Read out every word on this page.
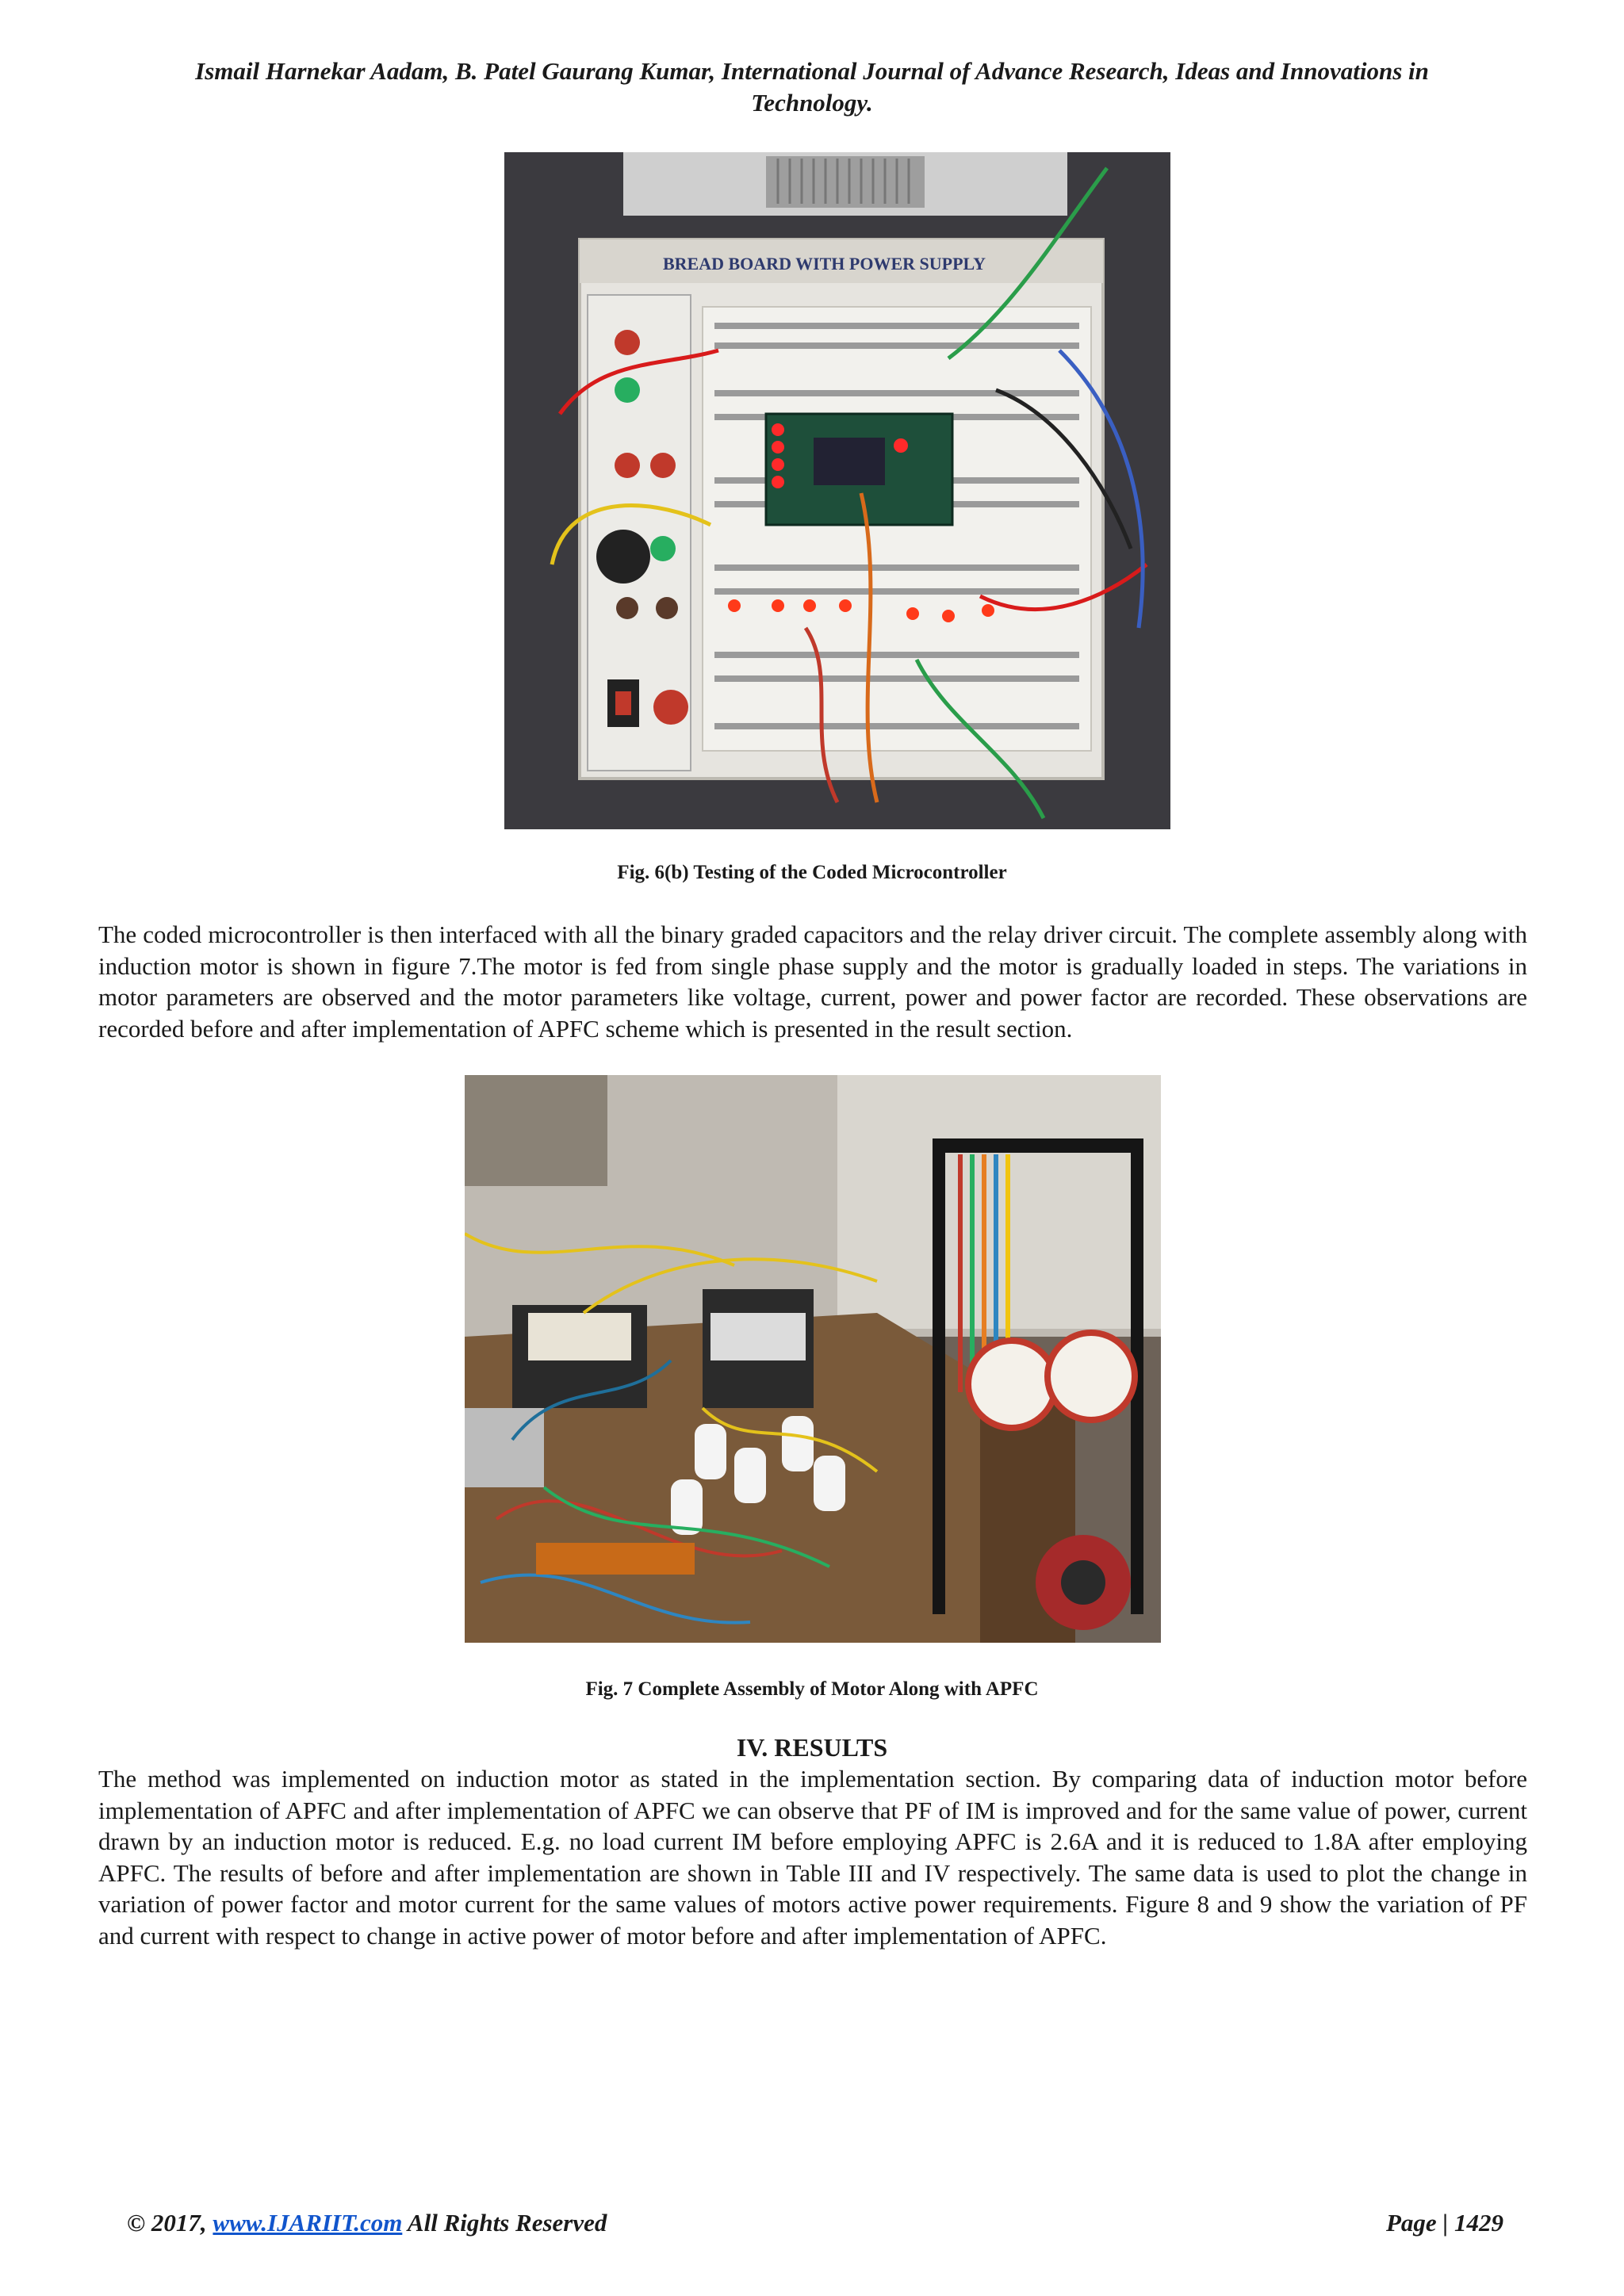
Ismail Harnekar Aadam, B. Patel Gaurang Kumar, International Journal of Advance Research, Ideas and Innovations in
Technology.
BREAD BOARD WITH POWER SUPPLY
Fig. 6(b) Testing of the Coded Microcontroller

The coded microcontroller is then interfaced with all the binary graded capacitors and the relay driver circuit. The complete assembly along with induction motor is shown in figure 7.The motor is fed from single phase supply and the motor is gradually loaded in steps. The variations in motor parameters are observed and the motor parameters like voltage, current, power and power factor are recorded. These observations are recorded before and after implementation of APFC scheme which is presented in the result section.

Fig. 7 Complete Assembly of Motor Along with APFC
IV. RESULTS

The method was implemented on induction motor as stated in the implementation section. By comparing data of induction motor before implementation of APFC and after implementation of APFC we can observe that PF of IM is improved and for the same value of power, current drawn by an induction motor is reduced. E.g. no load current IM before employing APFC is 2.6A and it is reduced to 1.8A after employing APFC. The results of before and after implementation are shown in Table III and IV respectively. The same data is used to plot the change in variation of power factor and motor current for the same values of motors active power requirements. Figure 8 and 9 show the variation of PF and current with respect to change in active power of motor before and after implementation of APFC.

© 2017, www.IJARIIT.com All Rights Reserved	Page | 1429
